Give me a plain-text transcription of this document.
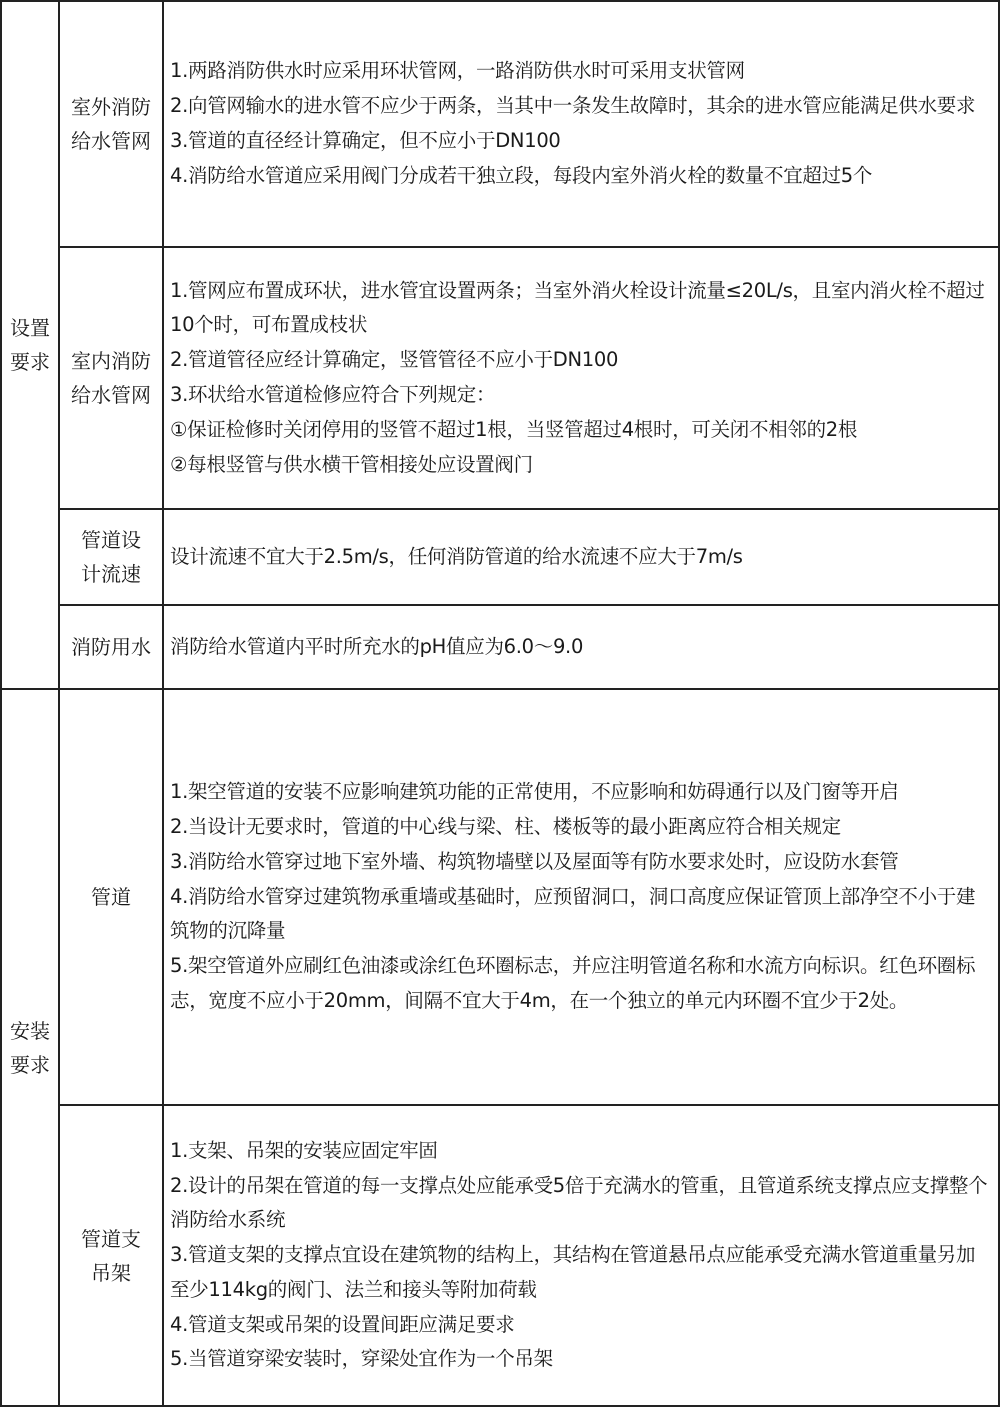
设置
要求	室外消防
给水管网	1.两路消防供水时应采用环状管网，一路消防供水时可采用支状管网
2.向管网输水的进水管不应少于两条，当其中一条发生故障时，其余的进水管应能满足供水要求
3.管道的直径经计算确定，但不应小于DN100
4.消防给水管道应采用阀门分成若干独立段，每段内室外消火栓的数量不宜超过5个

	室内消防
给水管网	1.管网应布置成环状，进水管宜设置两条；当室外消火栓设计流量≤20L/s，且室内消火栓不超过10个时，可布置成枝状
2.管道管径应经计算确定，竖管管径不应小于DN100
3.环状给水管道检修应符合下列规定：
①保证检修时关闭停用的竖管不超过1根，当竖管超过4根时，可关闭不相邻的2根
②每根竖管与供水横干管相接处应设置阀门

	管道设
计流速	设计流速不宜大于2.5m/s，任何消防管道的给水流速不应大于7m/s

	消防用水	消防给水管道内平时所充水的pH值应为6.0～9.0

安装
要求	管道	1.架空管道的安装不应影响建筑功能的正常使用，不应影响和妨碍通行以及门窗等开启
2.当设计无要求时，管道的中心线与梁、柱、楼板等的最小距离应符合相关规定
3.消防给水管穿过地下室外墙、构筑物墙壁以及屋面等有防水要求处时，应设防水套管
4.消防给水管穿过建筑物承重墙或基础时，应预留洞口，洞口高度应保证管顶上部净空不小于建筑物的沉降量
5.架空管道外应刷红色油漆或涂红色环圈标志，并应注明管道名称和水流方向标识。红色环圈标志，宽度不应小于20mm，间隔不宜大于4m，在一个独立的单元内环圈不宜少于2处。

	管道支
吊架	1.支架、吊架的安装应固定牢固
2.设计的吊架在管道的每一支撑点处应能承受5倍于充满水的管重，且管道系统支撑点应支撑整个消防给水系统
3.管道支架的支撑点宜设在建筑物的结构上，其结构在管道悬吊点应能承受充满水管道重量另加至少114kg的阀门、法兰和接头等附加荷载
4.管道支架或吊架的设置间距应满足要求
5.当管道穿梁安装时，穿梁处宜作为一个吊架
